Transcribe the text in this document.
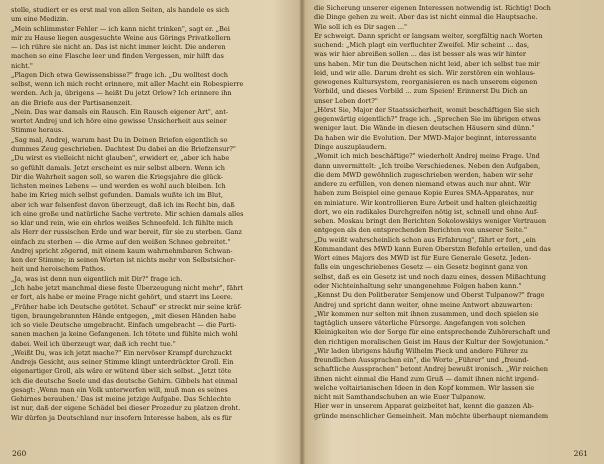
stelle, studiert er es erst mal von allen Seiten, als handele es sich

um eine Medizin.

„Mein schlimmster Fehler — ich kann nicht trinken", sagt er. „Bei

mir zu Hause liegen ausgesuchte Weine aus Görings Privatkellern

— ich rühre sie nicht an. Das ist nicht immer leicht. Die anderen

machen so eine Flasche leer und finden Vergessen, mir hilft das

nicht."

„Plagen Dich etwa Gewissensbisse?" frage ich. „Du wolltest doch

selbst, wenn ich mich recht erinnere, mit aller Macht ein Robespierre

werden. Ach ja, übrigens — heißt Du jetzt Orlow? Ich erinnere ihn

an die Briefe aus der Partisanenzeit.

„Nein. Das war damals ein Rausch. Ein Rausch eigener Art", ant-

wortet Andrej und ich höre eine gewisse Unsicherheit aus seiner

Stimme heraus.

„Sag mal, Andrej, warum hast Du in Deinen Briefen eigentlich so

dummes Zeug geschrieben. Dachtest Du dabei an die Briefzensur?"

„Du wirst es vielleicht nicht glauben", erwidert er, „aber ich habe

so gefühlt damals. Jetzt erscheint es mir selbst albern. Wenn ich

Dir die Wahrheit sagen soll, so waren die Kriegsjahre die glück-

lichsten meines Lebens — und werden es wohl auch bleiben. Ich

habe im Krieg mich selbst gefunden. Damals wußte ich im Blut,

aber ich war felsenfest davon überzeugt, daß ich im Recht bin, daß

ich eine große und natürliche Sache vertrete. Mir schien damals alles

so klar und rein, wie ein ehrlos weißes Schneefeld. Ich fühlte mich

als Herr der russischen Erde und war bereit, für sie zu sterben. Ganz

einfach zu sterben — die Arme auf den weißen Schnee gebreitet."

Andrej spricht zögernd, mit einem kaum wahrnehmbaren Schwan-

ken der Stimme; in seinen Worten ist nichts mehr von Selbstsicher-

heit und heroischem Pathos.

„Ja, was ist denn nun eigentlich mit Dir?" frage ich.

„Ich habe jetzt manchmal diese feste Überzeugung nicht mehr", fährt

er fort, als habe er meine Frage nicht gehört, und starrt ins Leere.

„Früher habe ich Deutsche getötet. Schauf" er streckt mir seine kräf-

tigen, braungebrannten Hände entgegen, „mit diesen Händen habe

ich so viele Deutsche umgebracht. Einfach umgebracht — die Parti-

sanen machen ja keine Gefangenen. Ich tötete und fühlte mich wohl

dabei. Weil ich überzeugt war, daß ich recht tue."

„Weißt Du, was ich jetzt mache?" Ein nervöser Krampf durchzuckt

Andrejs Gesicht, aus seiner Stimme klingt unterdrückter Groll. Ein

eigenartiger Groll, als wäre er wütend über sich selbst. „Jetzt töte

ich die deutsche Seele und das deutsche Gehirn. Gibbels hat einmal

gesagt: ‚Wenn man ein Volk unterwerfen will, muß man es seines

Gehirnes berauben.' Das ist meine jetzige Aufgabe. Das Schlechte

ist nur, daß der eigene Schädel bei dieser Prozedur zu platzen droht.

Wir dürfen ja Deutschland nur insofern Interesse haben, als es für

260

die Sicherung unserer eigenen Interessen notwendig ist. Richtig! Doch

die Dinge gehen zu weit. Aber das ist nicht einmal die Hauptsache.

Wie soll ich es Dir sagen ..."

Er schweigt. Dann spricht er langsam weiter, sorgfältig nach Worten

suchend: „Mich plagt ein verfluchter Zweifel. Mir scheint ... das,

was wir hier abreißen sollen ... das ist besser als was wir hinter

uns haben. Mir tun die Deutschen nicht leid, aber ich selbst tue mir

leid, und wir alle. Darum dreht es sich. Wir zerstören ein wohlaus-

gewogenes Kultursystem, reorganisieren es nach unserem eigenen

Vorbild, und dieses Vorbild ... zum Speien! Erinnerst Du Dich an

unser Leben dort?"

„Hörst Sie, Major der Staatssicherheit, womit beschäftigen Sie sich

gegenwärtig eigentlich?" frage ich. „Sprechen Sie im übrigen etwas

weniger laut. Die Wände in diesen deutschen Häusern sind dünn."

Da haben wir die Evolution. Der MWD-Major beginnt, interessante

Dinge auszuplaudern.

„Womit ich mich beschäftige?" wiederholt Andrej meine Frage. Und

dann unvermittelt: „Ich treibe Verschiedenes. Neben den Aufgaben,

die dem MWD gewöhnlich zugeschrieben werden, haben wir sehr

andere zu erfüllen, von denen niemand etwas auch nur ahnt. Wir

haben zum Beispiel eine genaue Kopie Eures SMA-Apparates, nur

en miniature. Wir kontrollieren Eure Arbeit und halten gleichzeitig

dort, wo ein radikales Durchgreifen nötig ist, schnell und ohne Auf-

sehen. Moskau bringt den Berichten Sokolowskiys weniger Vertrauen

entgegen als den entsprechenden Berichten von unserer Seite."

„Du weißt wahrscheinlich schon aus Erfahrung", fährt er fort, „ein

Kommandant des MWD kann Euren Oberstzn Befehle erteilen, und das

Wort eines Majors des MWD ist für Eure Generale Gesetz. Jeden-

falls ein ungeschriebenes Gesetz — ein Gesetz beginnt ganz von

selbst, daß es ein Gesetz ist und noch dazu eines, dessen Mißachtung

oder Nichteinhaltung sehr unangenehme Folgen haben kann."

„Kennst Du den Politberater Semjenow und Oberst Tulpanow?" frage

Andrej und spricht dann weiter, ohne meine Antwort abzuwarten:

„Wir kommen nur selten mit ihnen zusammen, und doch spielen sie

tagtäglich unsere väterliche Fürsorge. Angefangen von solchen

Kleinigkeiten wie der Sorge für eine entsprechende Zuhörerschaft und

den richtigen moralischen Geist im Haus der Kultur der Sowjetunion."

„Wir laden übrigens häufig Wilhelm Pieck und andere Führer zu

freundlichen Aussprachen ein", die Worte „Führer" und „freund-

schaftliche Aussprachen" betont Andrej bewußt ironisch. „Wir reichen

ihnen nicht einmal die Hand zum Gruß — damit ihnen nicht irgend-

welche voltairianischen Ideen in den Kopf kommen. Wir lassen sie

nicht mit Samthandschuhen an wie Euer Tulpanow.

Hier wer in unserem Apparat geizbeitet hat, kennt die ganzen Ab-

gründe menschlicher Gemeinheit. Man möchte überhaupt niemandem

261
